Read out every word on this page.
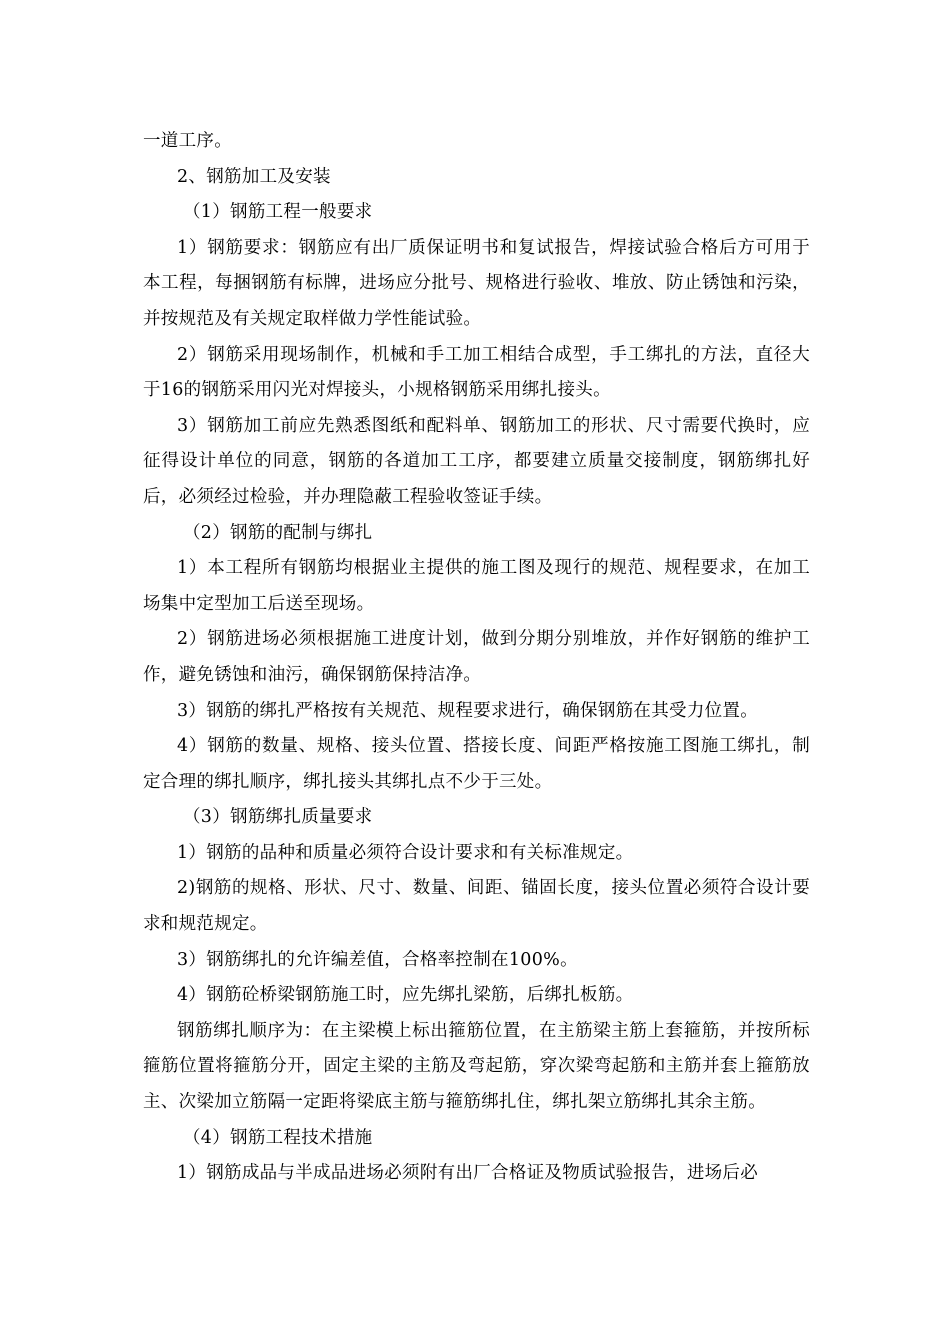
一道工序。

2、钢筋加工及安装

（1）钢筋工程一般要求

1）钢筋要求：钢筋应有出厂质保证明书和复试报告，焊接试验合格后方可用于本工程，每捆钢筋有标牌，进场应分批号、规格进行验收、堆放、防止锈蚀和污染，并按规范及有关规定取样做力学性能试验。

2）钢筋采用现场制作，机械和手工加工相结合成型，手工绑扎的方法，直径大于16的钢筋采用闪光对焊接头，小规格钢筋采用绑扎接头。

3）钢筋加工前应先熟悉图纸和配料单、钢筋加工的形状、尺寸需要代换时，应征得设计单位的同意，钢筋的各道加工工序，都要建立质量交接制度，钢筋绑扎好后，必须经过检验，并办理隐蔽工程验收签证手续。

（2）钢筋的配制与绑扎

1）本工程所有钢筋均根据业主提供的施工图及现行的规范、规程要求，在加工场集中定型加工后送至现场。

2）钢筋进场必须根据施工进度计划，做到分期分别堆放，并作好钢筋的维护工作，避免锈蚀和油污，确保钢筋保持洁净。

3）钢筋的绑扎严格按有关规范、规程要求进行，确保钢筋在其受力位置。

4）钢筋的数量、规格、接头位置、搭接长度、间距严格按施工图施工绑扎，制定合理的绑扎顺序，绑扎接头其绑扎点不少于三处。

（3）钢筋绑扎质量要求

1）钢筋的品种和质量必须符合设计要求和有关标准规定。

2)钢筋的规格、形状、尺寸、数量、间距、锚固长度，接头位置必须符合设计要求和规范规定。

3）钢筋绑扎的允许编差值，合格率控制在100%。

4）钢筋砼桥梁钢筋施工时，应先绑扎梁筋，后绑扎板筋。

钢筋绑扎顺序为：在主梁模上标出箍筋位置，在主筋梁主筋上套箍筋，并按所标箍筋位置将箍筋分开，固定主梁的主筋及弯起筋，穿次梁弯起筋和主筋并套上箍筋放主、次梁加立筋隔一定距将梁底主筋与箍筋绑扎住，绑扎架立筋绑扎其余主筋。

（4）钢筋工程技术措施

1）钢筋成品与半成品进场必须附有出厂合格证及物质试验报告，进场后必
